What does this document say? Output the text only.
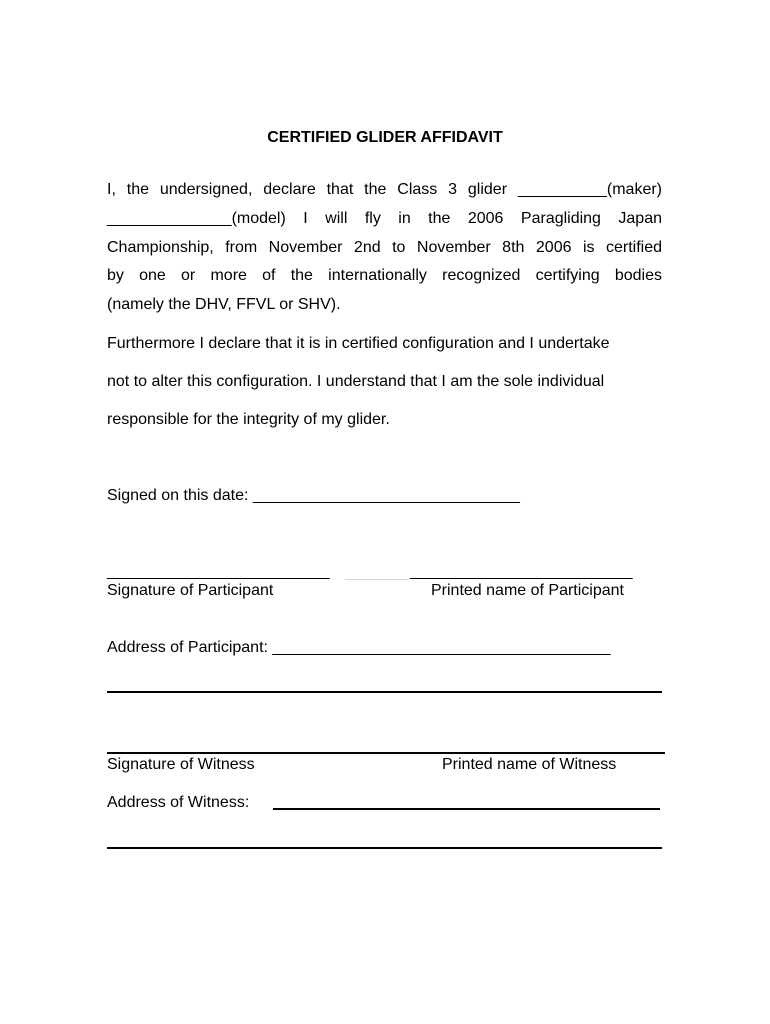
CERTIFIED GLIDER AFFIDAVIT
I, the undersigned, declare that the Class 3 glider __________(maker)
______________(model) I will fly in the 2006 Paragliding Japan
Championship, from November 2nd to November 8th 2006 is certified
by one or more of the internationally recognized certifying bodies
(namely the DHV, FFVL or SHV).
Furthermore I declare that it is in certified configuration and I undertake
not to alter this configuration. I understand that I am the sole individual
responsible for the integrity of my glider.
Signed on this date: ______________________________
_________________________	_________________________
Signature of Participant	Printed name of Participant
Address of Participant: ______________________________________
Signature of Witness	Printed name of Witness
Address of Witness:
